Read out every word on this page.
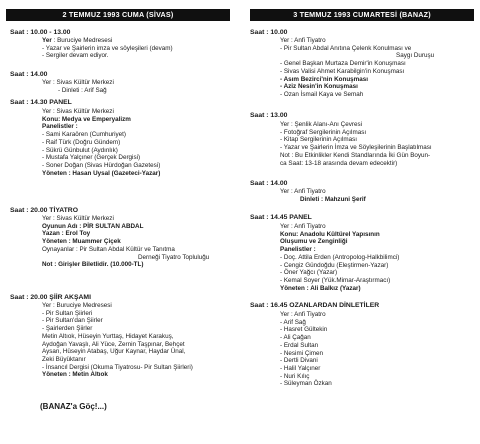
2 TEMMUZ 1993 CUMA (SİVAS)
Saat : 10.00 - 13.00
Yer : Buruciye Medresesi
- Yazar ve Şairlerin imza ve söyleşileri (devam)
- Sergiler devam ediyor.
Saat : 14.00
Yer : Sivas Kültür Merkezi
- Dinleti : Arif Sağ
Saat : 14.30 PANEL
Yer : Sivas Kültür Merkezi
Konu: Medya ve Emperyalizm
Panelistler :
- Sami Karaören (Cumhuriyet)
- Raif Türk (Doğru Gündem)
- Sükrü Günbulut (Aydınlık)
- Mustafa Yalçıner (Gerçek Dergisi)
- Soner Doğan (Sivas Hürdoğan Gazetesi)
Yöneten : Hasan Uysal (Gazeteci-Yazar)
Saat : 20.00 TİYATRO
Yer : Sivas Kültür Merkezi
Oyunun Adı : PİR SULTAN ABDAL
Yazan : Erol Toy
Yöneten : Muammer Çiçek
Oynayanlar : Pir Sultan Abdal Kültür ve Tanıtma
Derneği Tiyatro Topluluğu
Not : Girişler Biletlidir. (10.000-TL)
Saat : 20.00 ŞİİR AKŞAMI
Yer : Buruciye Medresesi
- Pir Sultan Şiirleri
- Pir Sultan'dan Şiirler
- Şairlerden Şiirler
Metin Altıok, Hüseyin Yurttaş, Hidayet Karakuş,
Aydoğan Yavaşlı, Ali Yüce, Zernin Taşpınar, Behçet
Aysan, Hüseyin Atabaş, Uğur Kaynar, Haydar Ünal,
Zeki Büyüktanır
- İnsancıl Dergisi (Okuma Tiyatrosu- Pir Sultan Şiirleri)
Yöneten : Metin Altıok
(BANAZ'a Göç!...)
3 TEMMUZ 1993 CUMARTESİ (BANAZ)
Saat : 10.00
Yer : Anfi Tiyatro
- Pir Sultan Abdal Anıtına Çelenk Konulması ve
Saygı Duruşu
- Genel Başkan Murtaza Demir'in Konuşması
- Sivas Valisi Ahmet Karabilgin'in Konuşması
- Asım Bezirci'nin Konuşması
- Aziz Nesin'in Konuşması
- Ozan İsmail Kaya ve Semah
Saat : 13.00
Yer : Şenlik Alanı-Anı Çevresi
- Fotoğraf Sergilerinin Açılması
- Kitap Sergilerinin Açılması
- Yazar ve Şairlerin İmza ve Söyleşilerinin Başlatılması
Not : Bu Etkinlikler Kendi Standlarında İki Gün Boyun-
ca Saat: 13-18 arasında devam edecektir)
Saat : 14.00
Yer : Anfi Tiyatro
Dinleti : Mahzuni Şerif
Saat : 14.45 PANEL
Yer : Anfi Tiyatro
Konu: Anadolu Kültürel Yapısının
Oluşumu ve Zenginliği
Panelistler :
- Doç. Attila Erden (Antropolog-Halkbilimci)
- Cengiz Gündoğdu (Eleştirmen-Yazar)
- Öner Yağcı (Yazar)
- Kemal Soyer (Yük.Mimar-Araştırmacı)
Yöneten : Ali Balkız (Yazar)
Saat : 16.45 OZANLARDAN DİNLETİLER
Yer : Anfi Tiyatro
- Arif Sağ
- Hasret Gültekin
- Ali Çağan
- Erdal Sultan
- Nesimi Çimen
- Dertli Divani
- Halil Yalçıner
- Nuri Kılıç
- Süleyman Özkan
